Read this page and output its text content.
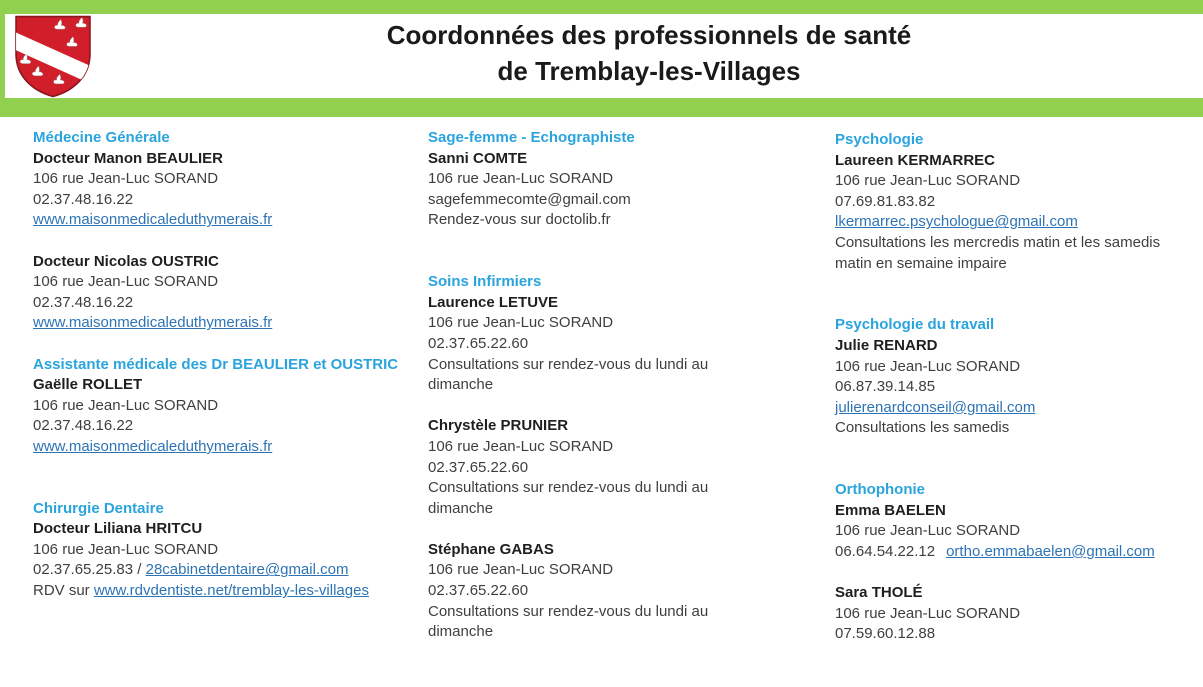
Coordonnées des professionnels de santé
de Tremblay-les-Villages
Médecine Générale
Docteur Manon BEAULIER
106 rue Jean-Luc SORAND
02.37.48.16.22
www.maisonmedicaleduthymerais.fr
Docteur Nicolas OUSTRIC
106 rue Jean-Luc SORAND
02.37.48.16.22
www.maisonmedicaleduthymerais.fr
Assistante médicale des Dr BEAULIER et OUSTRIC
Gaëlle ROLLET
106 rue Jean-Luc SORAND
02.37.48.16.22
www.maisonmedicaleduthymerais.fr
Chirurgie Dentaire
Docteur Liliana HRITCU
106 rue Jean-Luc SORAND
02.37.65.25.83 / 28cabinetdentaire@gmail.com
RDV sur www.rdvdentiste.net/tremblay-les-villages
Sage-femme - Echographiste
Sanni COMTE
106 rue Jean-Luc SORAND
sagefemmecomte@gmail.com
Rendez-vous sur doctolib.fr
Soins Infirmiers
Laurence LETUVE
106 rue Jean-Luc SORAND
02.37.65.22.60
Consultations sur rendez-vous du lundi au dimanche
Chrystèle PRUNIER
106 rue Jean-Luc SORAND
02.37.65.22.60
Consultations sur rendez-vous du lundi au dimanche
Stéphane GABAS
106 rue Jean-Luc SORAND
02.37.65.22.60
Consultations sur rendez-vous du lundi au dimanche
Psychologie
Laureen KERMARREC
106 rue Jean-Luc SORAND
07.69.81.83.82
lkermarrec.psychologue@gmail.com
Consultations les mercredis matin et les samedis matin en semaine impaire
Psychologie du travail
Julie RENARD
106 rue Jean-Luc SORAND
06.87.39.14.85
julierenardconseil@gmail.com
Consultations les samedis
Orthophonie
Emma BAELEN
106 rue Jean-Luc SORAND
06.64.54.22.12 ortho.emmabaelen@gmail.com
Sara THOLÉ
106 rue Jean-Luc SORAND
07.59.60.12.88
